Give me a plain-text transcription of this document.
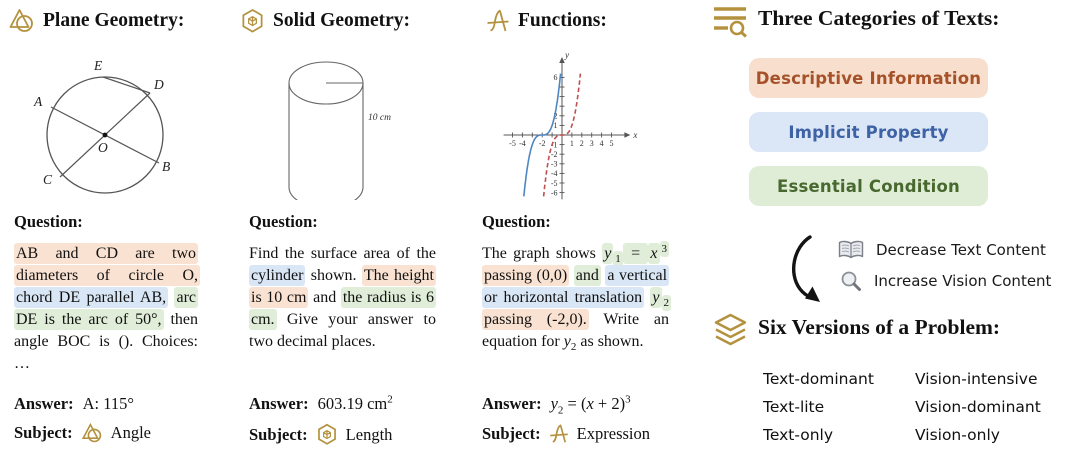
Plane Geometry:
E
D
A
B
C
O
Question:
AB and CD are two diameters of circle O, chord DE parallel AB, arc DE is the arc of 50°, then angle BOC is (). Choices: …
Answer: A: 115°
Subject: Angle
Solid Geometry:
10 cm
Question:
Find the surface area of the cylinder shown. The height is 10 cm and the radius is 6 cm. Give your answer to two decimal places.
Answer: 603.19 $cm^2$
Subject: Length
Functions:
x
y
-5 -4 -2	1 2 3 4 5
6
2
1
-1
-2
-3
-4
-5
-6
Question:
The graph shows y $_1$ = x $^3$ passing (0,0) and a vertical or horizontal translation y $_2$ passing (-2,0). Write an equation for $y_2$ as shown.
Answer: $y_2 = (x + 2)^3$
Subject: Expression
Three Categories of Texts:
Descriptive Information
Implicit Property
Essential Condition
Decrease Text Content
Increase Vision Content
Six Versions of a Problem:
Text-dominant
Text-lite
Text-only
Vision-intensive
Vision-dominant
Vision-only
